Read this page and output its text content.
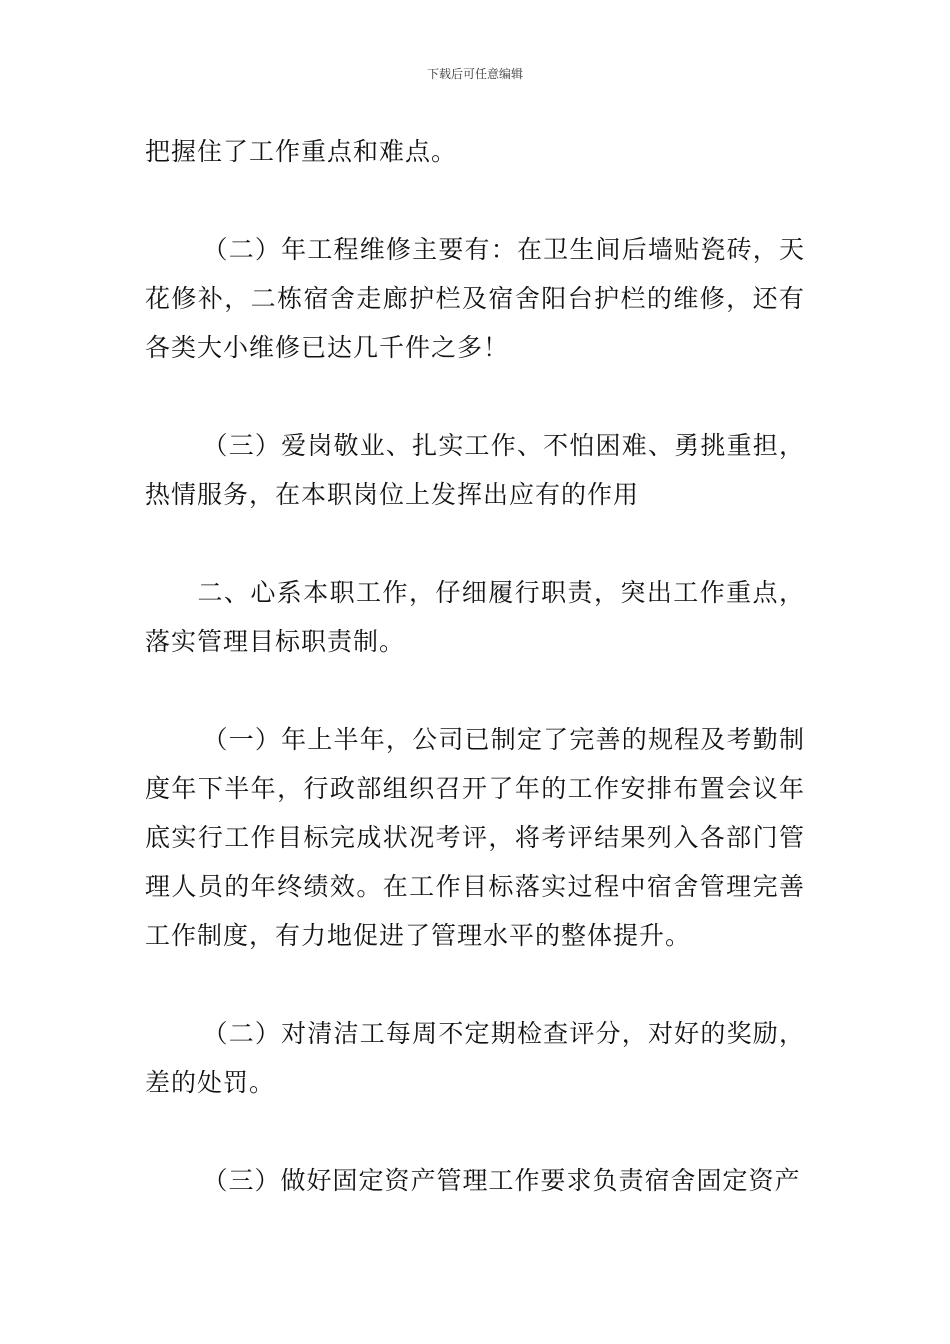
下载后可任意编辑

把握住了工作重点和难点。

（二）年工程维修主要有：在卫生间后墙贴瓷砖，天花修补，二栋宿舍走廊护栏及宿舍阳台护栏的维修，还有各类大小维修已达几千件之多！

（三）爱岗敬业、扎实工作、不怕困难、勇挑重担，热情服务，在本职岗位上发挥出应有的作用

二、心系本职工作，仔细履行职责，突出工作重点，落实管理目标职责制。

（一）年上半年，公司已制定了完善的规程及考勤制度年下半年，行政部组织召开了年的工作安排布置会议年底实行工作目标完成状况考评，将考评结果列入各部门管理人员的年终绩效。在工作目标落实过程中宿舍管理完善工作制度，有力地促进了管理水平的整体提升。

（二）对清洁工每周不定期检查评分，对好的奖励，差的处罚。

（三）做好固定资产管理工作要求负责宿舍固定资产
